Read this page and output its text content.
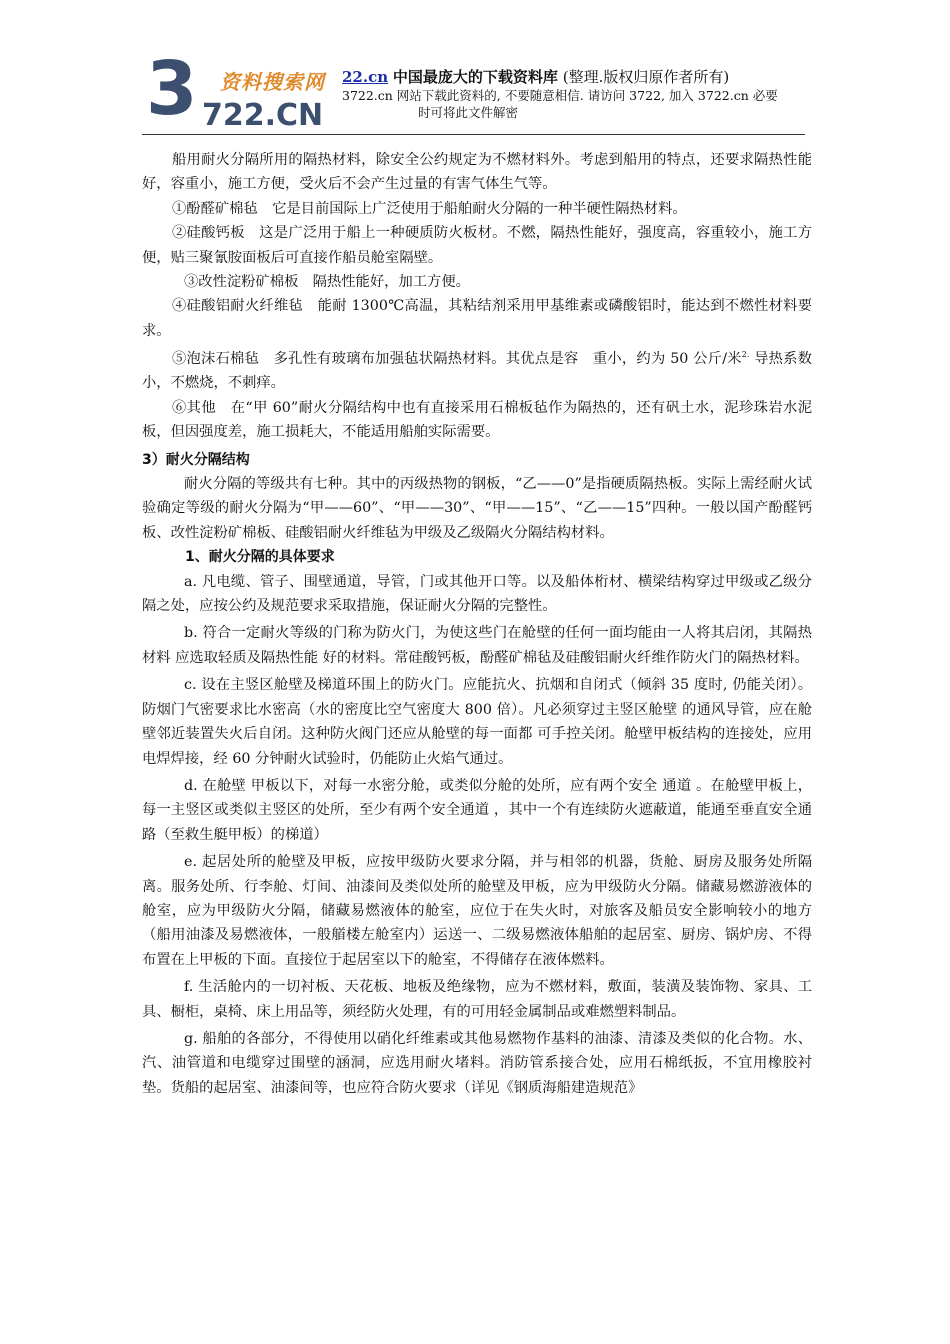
3 资料搜索网
722.CN
22.cn 中国最庞大的下载资料库 (整理.版权归原作者所有)
3722.cn 网站下载此资料的, 不要随意相信. 请访问 3722, 加入 3722.cn 必要
时可将此文件解密

船用耐火分隔所用的隔热材料，除安全公约规定为不燃材料外。考虑到船用的特点，还要求隔热性能好，容重小，施工方便，受火后不会产生过量的有害气体生气等。

①酚醛矿棉毡　它是目前国际上广泛使用于船舶耐火分隔的一种半硬性隔热材料。

②硅酸钙板　这是广泛用于船上一种硬质防火板材。不燃，隔热性能好，强度高，容重较小，施工方便，贴三聚氰胺面板后可直接作船员舱室隔壁。

③改性淀粉矿棉板　隔热性能好，加工方便。

④硅酸铝耐火纤维毡　能耐 1300℃高温，其粘结剂采用甲基维素或磷酸铝时，能达到不燃性材料要求。

⑤泡沫石棉毡　多孔性有玻璃布加强毡状隔热材料。其优点是容　重小，约为 50 公斤/米$^{2.}$ 导热系数小，不燃烧，不刺痒。

⑥其他　在“甲 60”耐火分隔结构中也有直接采用石棉板毡作为隔热的，还有矾土水，泥珍珠岩水泥板，但因强度差，施工损耗大，不能适用船舶实际需要。

3）耐火分隔结构

耐火分隔的等级共有七种。其中的丙级热物的钢板，“乙——0”是指硬质隔热板。实际上需经耐火试验确定等级的耐火分隔为“甲——60”、“甲——30”、“甲——15”、“乙——15”四种。一般以国产酚醛钙板、改性淀粉矿棉板、硅酸铝耐火纤维毡为甲级及乙级隔火分隔结构材料。

1、耐火分隔的具体要求

a. 凡电缆、管子、围壁通道，导管，门或其他开口等。以及船体桁材、横梁结构穿过甲级或乙级分隔之处，应按公约及规范要求采取措施，保证耐火分隔的完整性。

b. 符合一定耐火等级的门称为防火门，为使这些门在舱壁的任何一面均能由一人将其启闭，其隔热材料 应选取轻质及隔热性能 好的材料。常硅酸钙板，酚醛矿棉毡及硅酸铝耐火纤维作防火门的隔热材料。

c. 设在主竖区舱壁及梯道环围上的防火门。应能抗火、抗烟和自闭式（倾斜 35 度时, 仍能关闭）。防烟门气密要求比水密高（水的密度比空气密度大 800 倍）。凡必须穿过主竖区舱壁 的通风导管，应在舱壁邻近装置失火后自闭。这种防火阀门还应从舱壁的每一面都 可手控关闭。舱壁甲板结构的连接处，应用电焊焊接，经 60 分钟耐火试验时，仍能防止火焰气通过。

d. 在舱壁 甲板以下，对每一水密分舱，或类似分舱的处所，应有两个安全 通道 。在舱壁甲板上，每一主竖区或类似主竖区的处所，至少有两个安全通道 ，其中一个有连续防火遮蔽道，能通至垂直安全通路（至救生艇甲板）的梯道）

e. 起居处所的舱壁及甲板，应按甲级防火要求分隔，并与相邻的机器，货舱、厨房及服务处所隔离。服务处所、行李舱、灯间、油漆间及类似处所的舱壁及甲板，应为甲级防火分隔。储藏易燃游液体的舱室，应为甲级防火分隔，储藏易燃液体的舱室，应位于在失火时，对旅客及船员安全影响较小的地方（船用油漆及易燃液体，一般艏楼左舱室内）运送一、二级易燃液体船舶的起居室、厨房、锅炉房、不得布置在上甲板的下面。直接位于起居室以下的舱室，不得储存在液体燃料。

f. 生活舱内的一切衬板、天花板、地板及绝缘物，应为不燃材料，敷面，装潢及装饰物、家具、工具、橱柜，桌椅、床上用品等，须经防火处理，有的可用轻金属制品或难燃塑料制品。

g. 船舶的各部分，不得使用以硝化纤维素或其他易燃物作基料的油漆、清漆及类似的化合物。水、汽、油管道和电缆穿过围壁的涵洞，应选用耐火堵料。消防管系接合处，应用石棉纸扳，不宜用橡胶衬垫。货船的起居室、油漆间等，也应符合防火要求（详见《钢质海船建造规范》
